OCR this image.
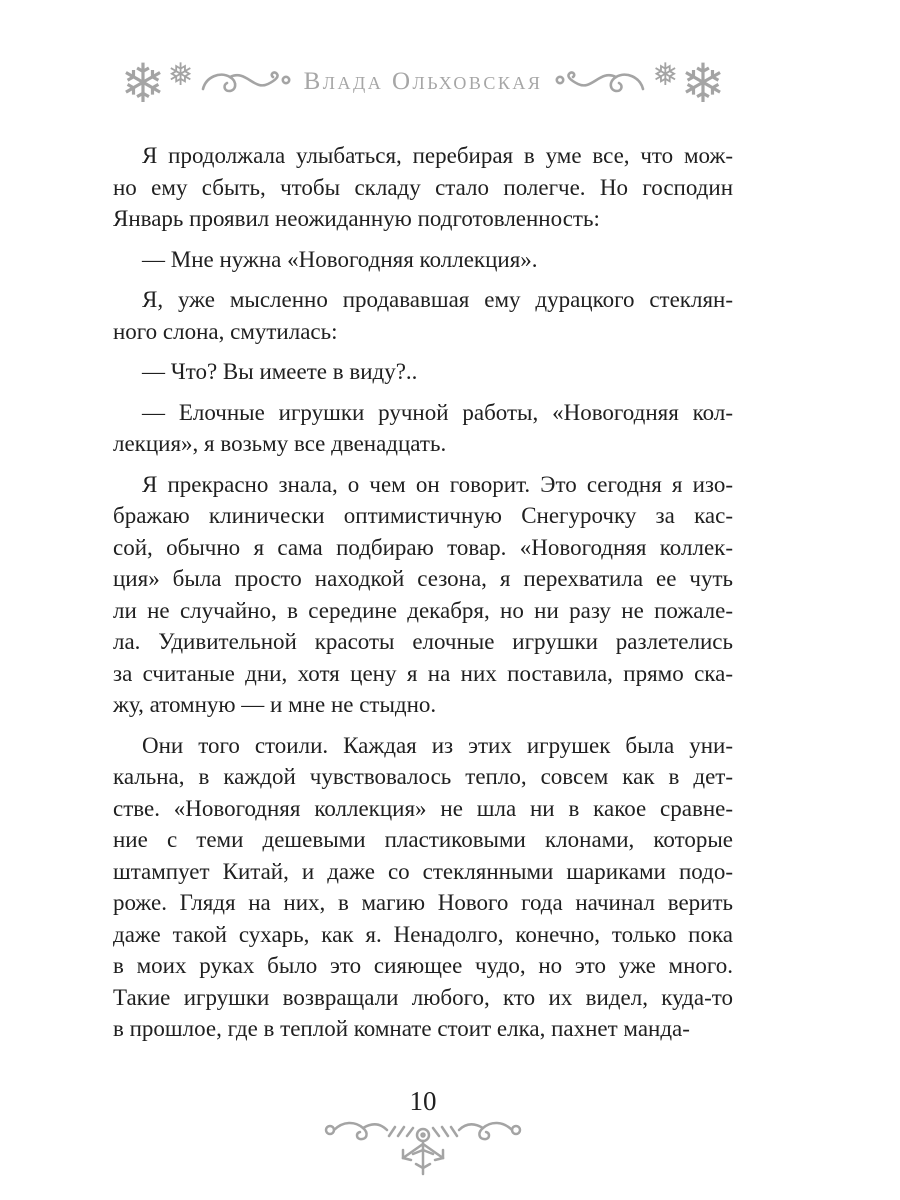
❄ ❅	Влада Ольховская	❅ ❄
Я продолжала улыбаться, перебирая в уме все, что мож-
но ему сбыть, чтобы складу стало полегче. Но господин
Январь проявил неожиданную подготовленность:
— Мне нужна «Новогодняя коллекция».
Я, уже мысленно продававшая ему дурацкого стеклян-
ного слона, смутилась:
— Что? Вы имеете в виду?..
— Елочные игрушки ручной работы, «Новогодняя кол-
лекция», я возьму все двенадцать.
Я прекрасно знала, о чем он говорит. Это сегодня я изо-
бражаю клинически оптимистичную Снегурочку за кас-
сой, обычно я сама подбираю товар. «Новогодняя коллек-
ция» была просто находкой сезона, я перехватила ее чуть
ли не случайно, в середине декабря, но ни разу не пожале-
ла. Удивительной красоты елочные игрушки разлетелись
за считаные дни, хотя цену я на них поставила, прямо ска-
жу, атомную — и мне не стыдно.
Они того стоили. Каждая из этих игрушек была уни-
кальна, в каждой чувствовалось тепло, совсем как в дет-
стве. «Новогодняя коллекция» не шла ни в какое сравне-
ние с теми дешевыми пластиковыми клонами, которые
штампует Китай, и даже со стеклянными шариками подо-
роже. Глядя на них, в магию Нового года начинал верить
даже такой сухарь, как я. Ненадолго, конечно, только пока
в моих руках было это сияющее чудо, но это уже много.
Такие игрушки возвращали любого, кто их видел, куда-то
в прошлое, где в теплой комнате стоит елка, пахнет манда-
10
